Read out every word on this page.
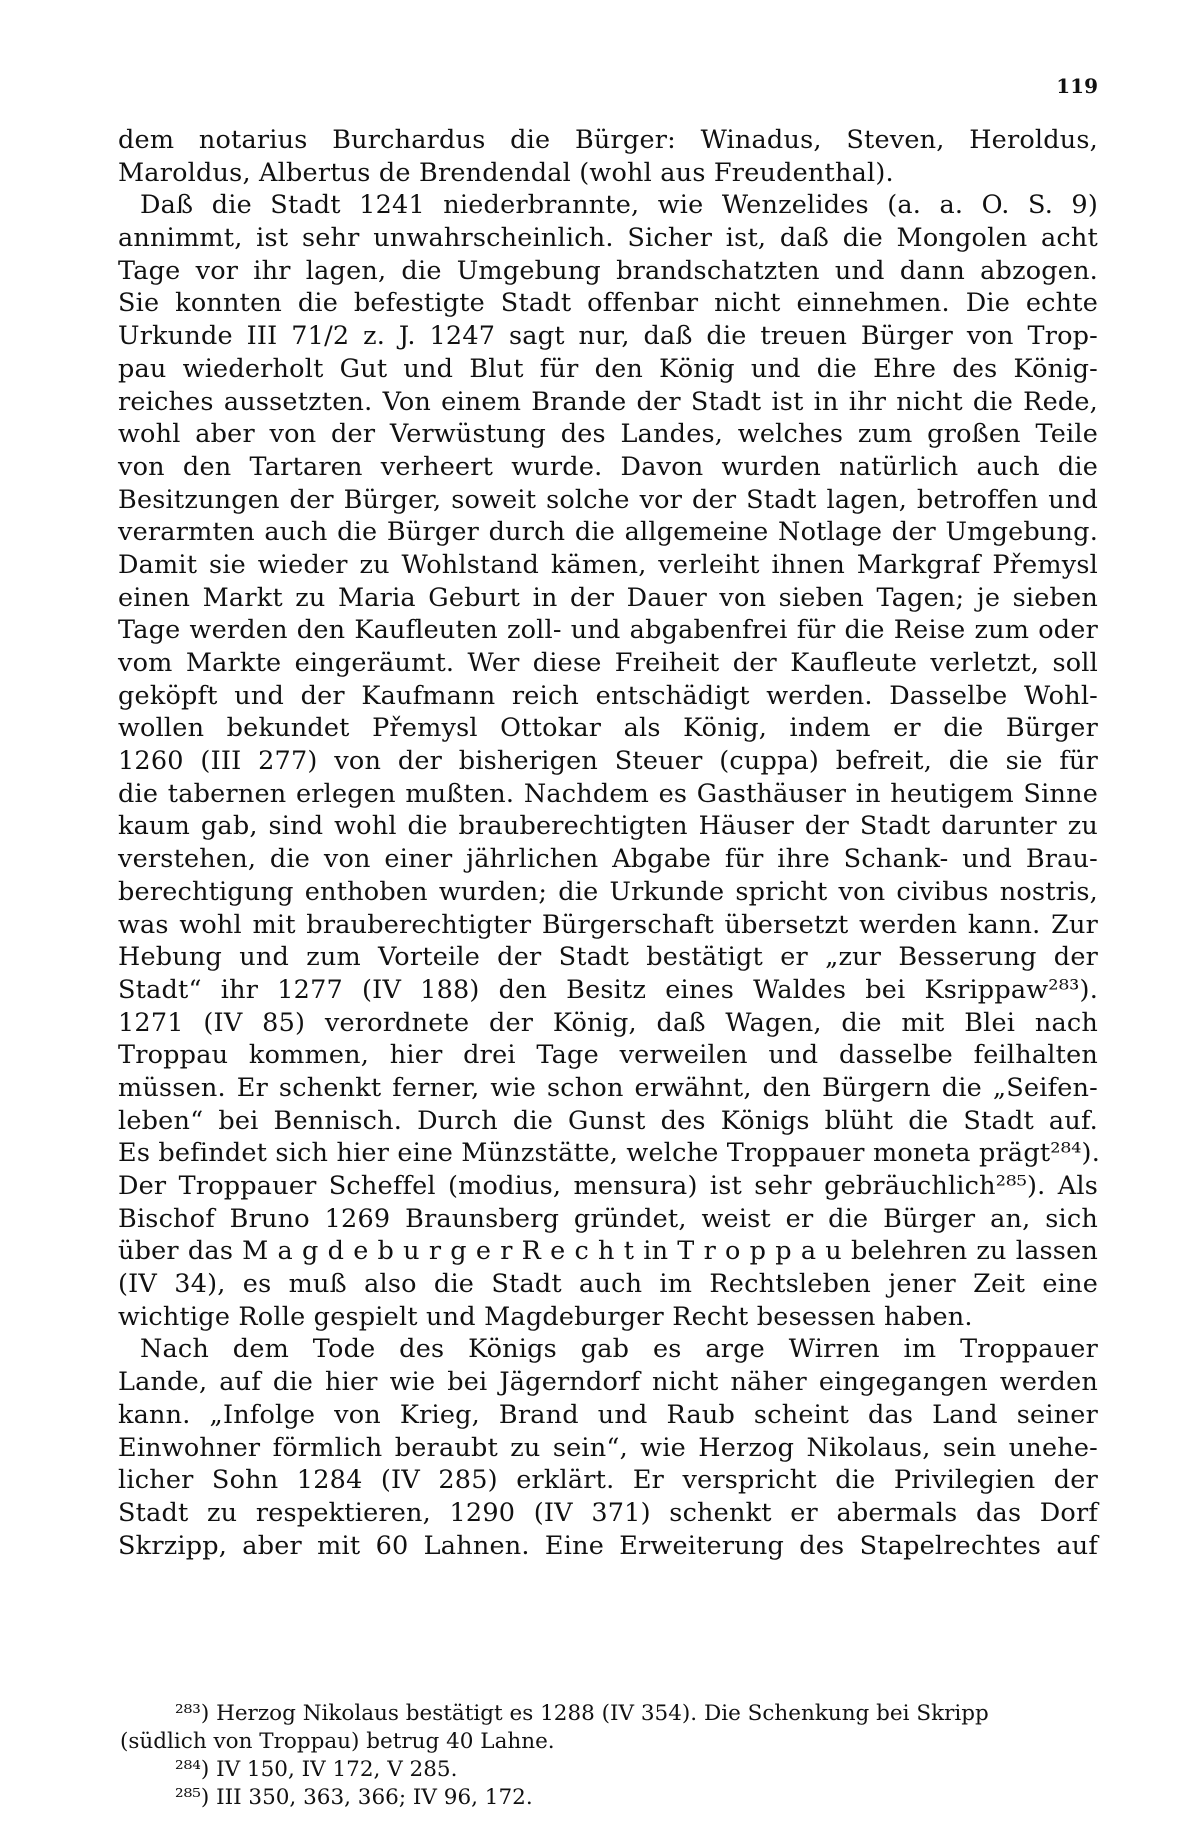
119
dem notarius Burchardus die Bürger: Winadus, Steven, Heroldus,
Maroldus, Albertus de Brendendal (wohl aus Freudenthal).
Daß die Stadt 1241 niederbrannte, wie Wenzelides (a. a. O. S. 9)
annimmt, ist sehr unwahrscheinlich. Sicher ist, daß die Mongolen acht
Tage vor ihr lagen, die Umgebung brandschatzten und dann abzogen.
Sie konnten die befestigte Stadt offenbar nicht einnehmen. Die echte
Urkunde III 71/2 z. J. 1247 sagt nur, daß die treuen Bürger von Trop-
pau wiederholt Gut und Blut für den König und die Ehre des König-
reiches aussetzten. Von einem Brande der Stadt ist in ihr nicht die Rede,
wohl aber von der Verwüstung des Landes, welches zum großen Teile
von den Tartaren verheert wurde. Davon wurden natürlich auch die
Besitzungen der Bürger, soweit solche vor der Stadt lagen, betroffen und
verarmten auch die Bürger durch die allgemeine Notlage der Umgebung.
Damit sie wieder zu Wohlstand kämen, verleiht ihnen Markgraf Přemysl
einen Markt zu Maria Geburt in der Dauer von sieben Tagen; je sieben
Tage werden den Kaufleuten zoll- und abgabenfrei für die Reise zum oder
vom Markte eingeräumt. Wer diese Freiheit der Kaufleute verletzt, soll
geköpft und der Kaufmann reich entschädigt werden. Dasselbe Wohl-
wollen bekundet Přemysl Ottokar als König, indem er die Bürger
1260 (III 277) von der bisherigen Steuer (cuppa) befreit, die sie für
die tabernen erlegen mußten. Nachdem es Gasthäuser in heutigem Sinne
kaum gab, sind wohl die brauberechtigten Häuser der Stadt darunter zu
verstehen, die von einer jährlichen Abgabe für ihre Schank- und Brau-
berechtigung enthoben wurden; die Urkunde spricht von civibus nostris,
was wohl mit brauberechtigter Bürgerschaft übersetzt werden kann. Zur
Hebung und zum Vorteile der Stadt bestätigt er „zur Besserung der
Stadt“ ihr 1277 (IV 188) den Besitz eines Waldes bei Ksrippaw²⁸³).
1271 (IV 85) verordnete der König, daß Wagen, die mit Blei nach
Troppau kommen, hier drei Tage verweilen und dasselbe feilhalten
müssen. Er schenkt ferner, wie schon erwähnt, den Bürgern die „Seifen-
leben“ bei Bennisch. Durch die Gunst des Königs blüht die Stadt auf.
Es befindet sich hier eine Münzstätte, welche Troppauer moneta prägt²⁸⁴).
Der Troppauer Scheffel (modius, mensura) ist sehr gebräuchlich²⁸⁵). Als
Bischof Bruno 1269 Braunsberg gründet, weist er die Bürger an, sich
über das M a g d e b u r g e r R e c h t in T r o p p a u belehren zu lassen
(IV 34), es muß also die Stadt auch im Rechtsleben jener Zeit eine
wichtige Rolle gespielt und Magdeburger Recht besessen haben.
Nach dem Tode des Königs gab es arge Wirren im Troppauer
Lande, auf die hier wie bei Jägerndorf nicht näher eingegangen werden
kann. „Infolge von Krieg, Brand und Raub scheint das Land seiner
Einwohner förmlich beraubt zu sein“, wie Herzog Nikolaus, sein unehe-
licher Sohn 1284 (IV 285) erklärt. Er verspricht die Privilegien der
Stadt zu respektieren, 1290 (IV 371) schenkt er abermals das Dorf
Skrzipp, aber mit 60 Lahnen. Eine Erweiterung des Stapelrechtes auf
²⁸³) Herzog Nikolaus bestätigt es 1288 (IV 354). Die Schenkung bei Skripp
(südlich von Troppau) betrug 40 Lahne.
²⁸⁴) IV 150, IV 172, V 285.
²⁸⁵) III 350, 363, 366; IV 96, 172.
